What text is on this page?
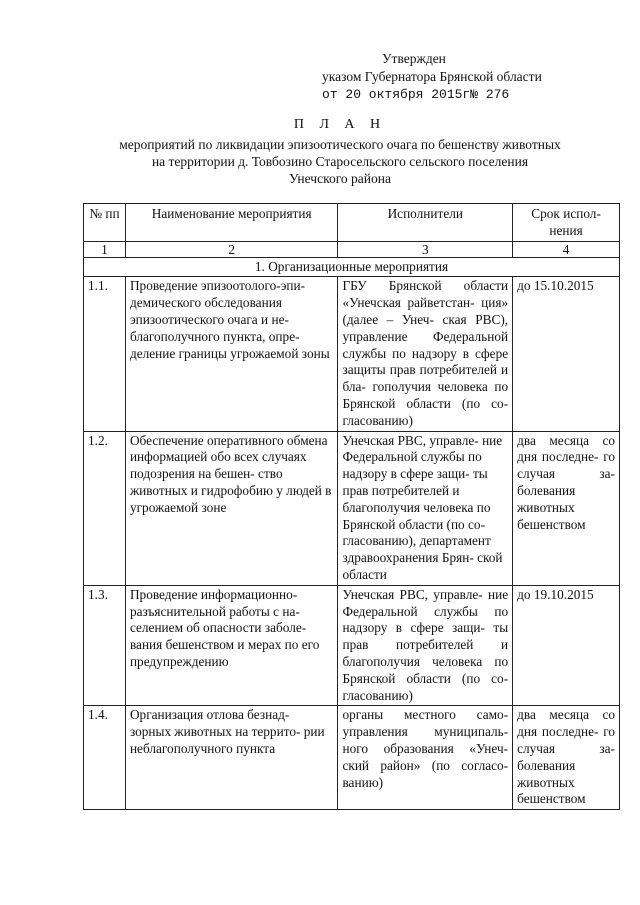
Утвержден
указом Губернатора Брянской области
от 20 октября 2015г№ 276
П Л А Н
мероприятий по ликвидации эпизоотического очага по бешенству животных
на территории д. Товбозино Старосельского сельского поселения
Унечского района
№ пп	Наименование мероприятия	Исполнители	Срок испол- нения
1	2	3	4
1. Организационные мероприятия			
1.1.	Проведение эпизоотолого-эпи- демического обследования эпизоотического очага и не- благополучного пункта, опре- деление границы угрожаемой зоны	ГБУ Брянской области «Унечская райветстан- ция» (далее – Унеч- ская РВС), управление Федеральной службы по надзору в сфере защиты прав потребителей и бла- гополучия человека по Брянской области (по со- гласованию)	до 15.10.2015
1.2.	Обеспечение оперативного обмена информацией обо всех случаях подозрения на бешен- ство животных и гидрофобию у людей в угрожаемой зоне	Унечская РВС, управле- ние Федеральной службы по надзору в сфере защи- ты прав потребителей и благополучия человека по Брянской области (по со- гласованию), департамент здравоохранения Брян- ской области	два месяца со дня последне- го случая за- болевания животных бешенством
1.3.	Проведение информационно- разъяснительной работы с на- селением об опасности заболе- вания бешенством и мерах по его предупреждению	Унечская РВС, управле- ние Федеральной службы по надзору в сфере защи- ты прав потребителей и благополучия человека по Брянской области (по со- гласованию)	до 19.10.2015
1.4.	Организация отлова безнад- зорных животных на террито- рии неблагополучного пункта	органы местного само- управления муниципаль- ного образования «Унеч- ский район» (по согласо- ванию)	два месяца со дня последне- го случая за- болевания животных бешенством
